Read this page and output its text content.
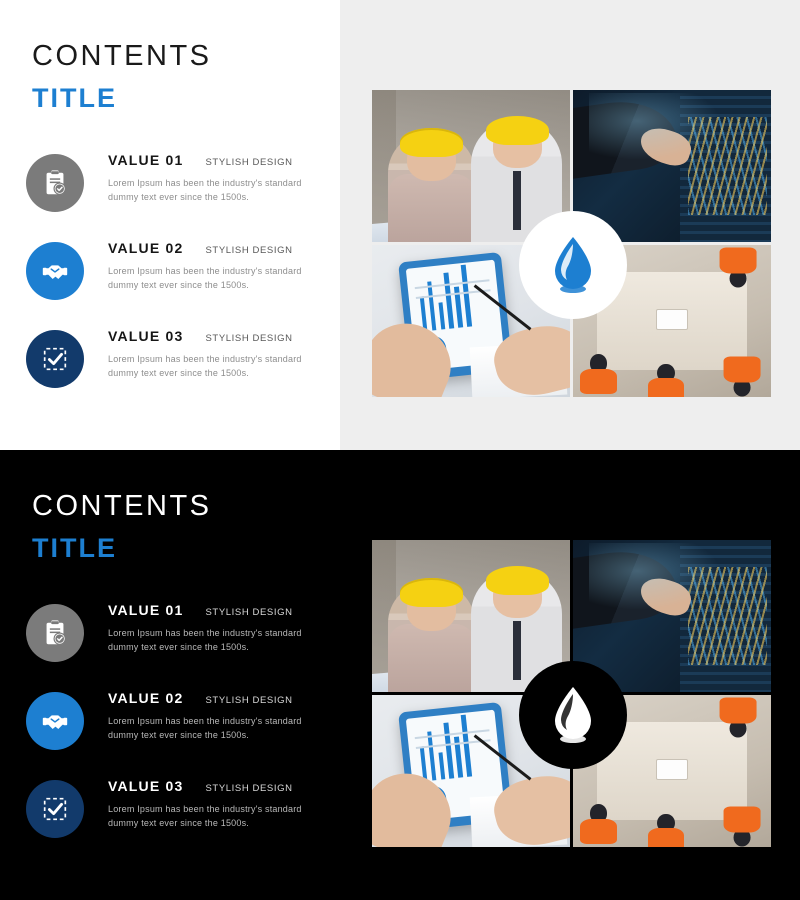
CONTENTS
TITLE
VALUE 01 STYLISH DESIGN
Lorem Ipsum has been the industry's standard dummy text ever since the 1500s.
VALUE 02 STYLISH DESIGN
Lorem Ipsum has been the industry's standard dummy text ever since the 1500s.
VALUE 03 STYLISH DESIGN
Lorem Ipsum has been the industry's standard dummy text ever since the 1500s.
CONTENTS
TITLE
VALUE 01 STYLISH DESIGN
Lorem Ipsum has been the industry's standard dummy text ever since the 1500s.
VALUE 02 STYLISH DESIGN
Lorem Ipsum has been the industry's standard dummy text ever since the 1500s.
VALUE 03 STYLISH DESIGN
Lorem Ipsum has been the industry's standard dummy text ever since the 1500s.
